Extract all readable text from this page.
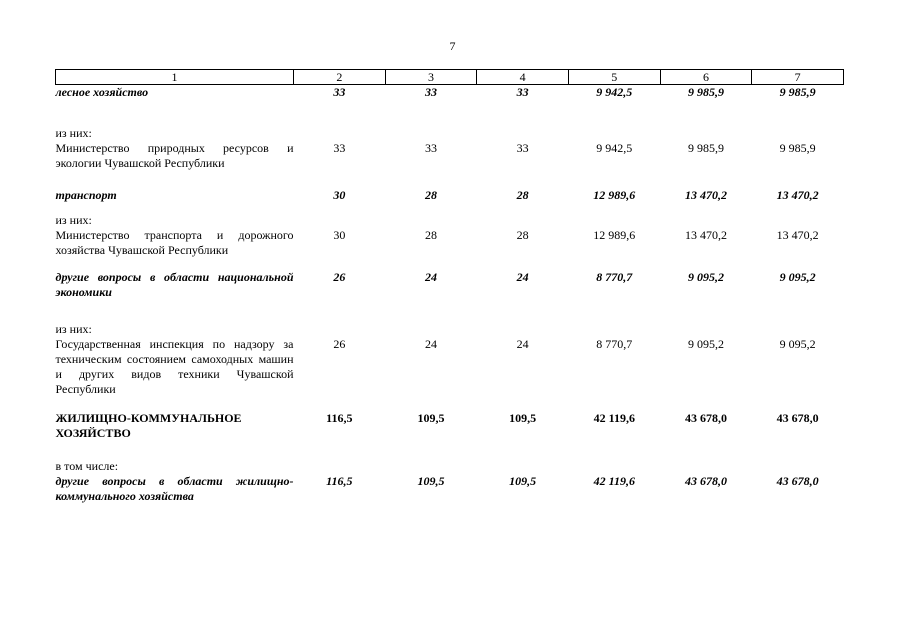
7
1	2	3	4	5	6	7
лесное хозяйство	33	33	33	9 942,5	9 985,9	9 985,9

из них:						
Министерство природных ресурсов и экологии Чувашской Республики	33	33	33	9 942,5	9 985,9	9 985,9

транспорт	30	28	28	12 989,6	13 470,2	13 470,2

из них:						
Министерство транспорта и дорожного хозяйства Чувашской Республики	30	28	28	12 989,6	13 470,2	13 470,2

другие вопросы в области национальной экономики	26	24	24	8 770,7	9 095,2	9 095,2

из них:						
Государственная инспекция по надзору за техническим состоянием самоходных машин и других видов техники Чувашской Республики	26	24	24	8 770,7	9 095,2	9 095,2

ЖИЛИЩНО-КОММУНАЛЬНОЕ ХОЗЯЙСТВО	116,5	109,5	109,5	42 119,6	43 678,0	43 678,0

в том числе:						
другие вопросы в области жилищно-коммунального хозяйства	116,5	109,5	109,5	42 119,6	43 678,0	43 678,0
